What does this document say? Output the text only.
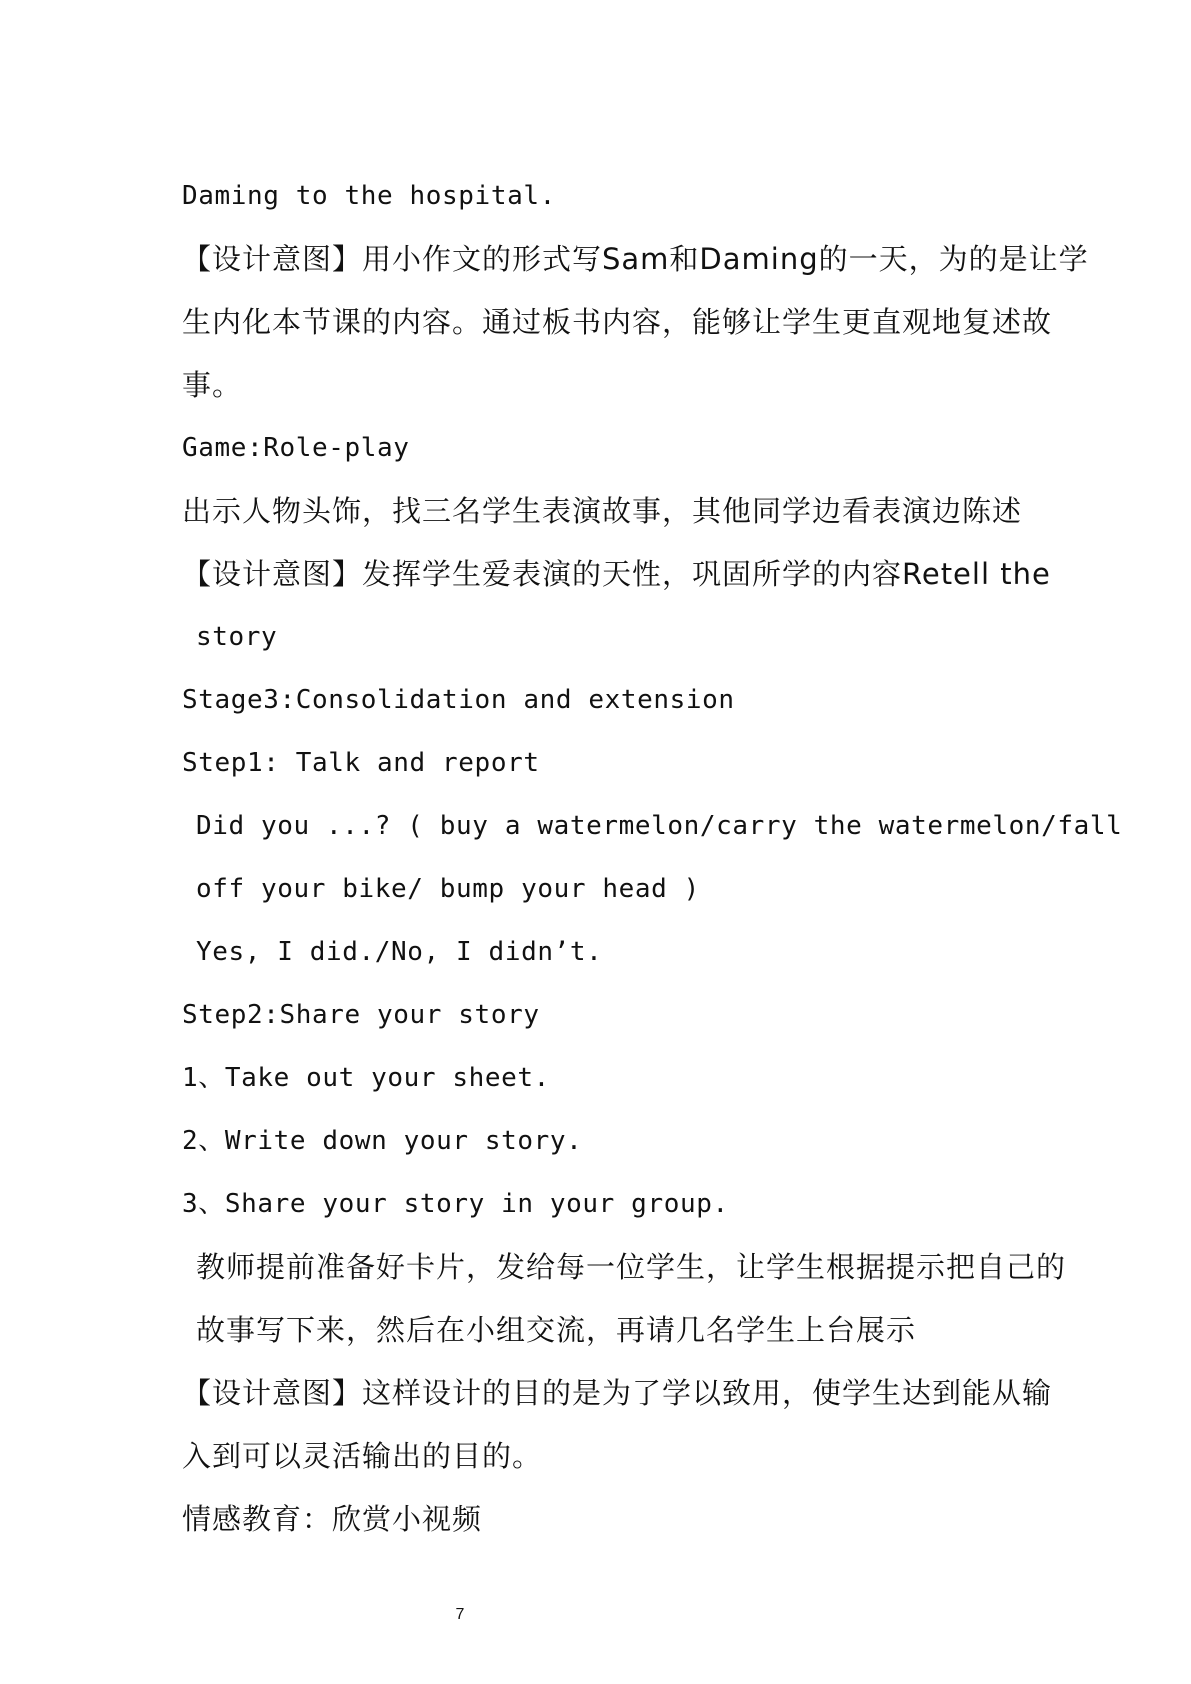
Daming to the hospital.
【设计意图】用小作文的形式写Sam和Daming的一天，为的是让学
生内化本节课的内容。通过板书内容，能够让学生更直观地复述故
事。
Game:Role-play
出示人物头饰，找三名学生表演故事，其他同学边看表演边陈述
【设计意图】发挥学生爱表演的天性，巩固所学的内容Retell the
story
Stage3:Consolidation and extension
Step1: Talk and report
Did you ...? ( buy a watermelon/carry the watermelon/fall
off your bike/ bump your head )
Yes, I did./No, I didn’t.
Step2:Share your story
1、Take out your sheet.
2、Write down your story.
3、Share your story in your group.
教师提前准备好卡片，发给每一位学生，让学生根据提示把自己的
故事写下来，然后在小组交流，再请几名学生上台展示
【设计意图】这样设计的目的是为了学以致用，使学生达到能从输
入到可以灵活输出的目的。
情感教育：欣赏小视频
7
